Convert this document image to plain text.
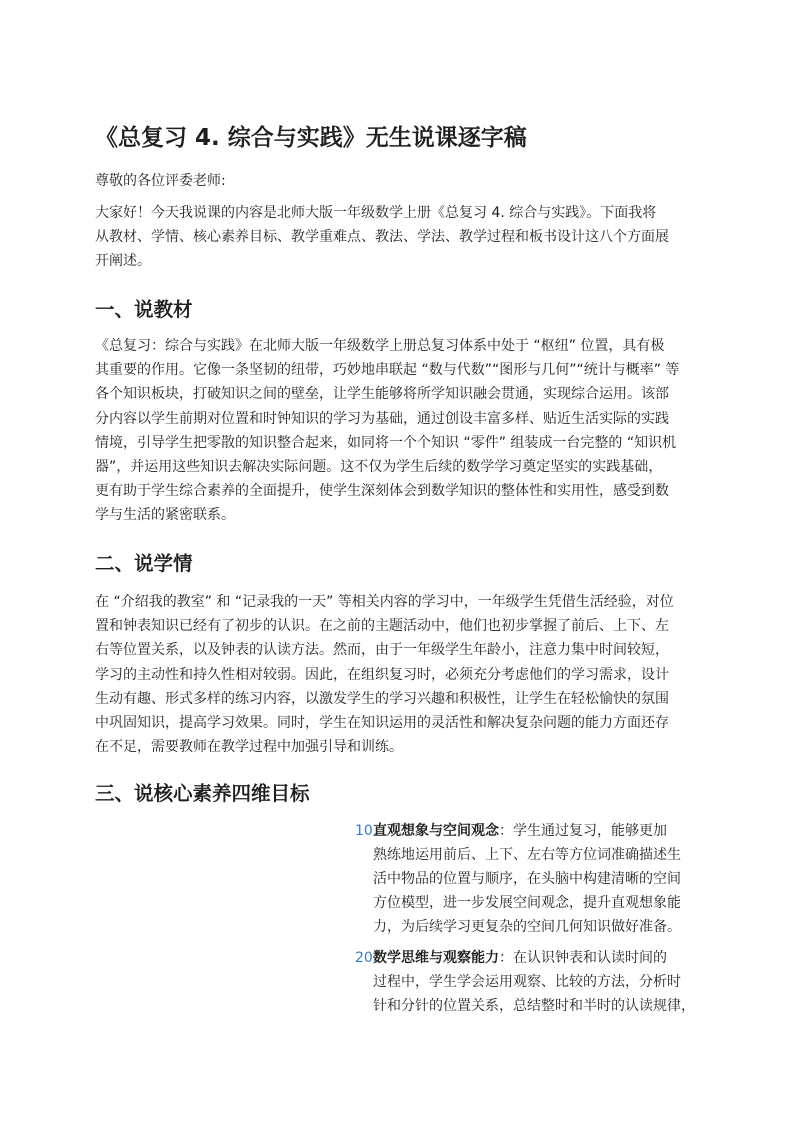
《总复习 4. 综合与实践》无生说课逐字稿

尊敬的各位评委老师:

大家好！今天我说课的内容是北师大版一年级数学上册《总复习 4. 综合与实践》。下面我将
从教材、学情、核心素养目标、教学重难点、教法、学法、教学过程和板书设计这八个方面展
开阐述。

一、说教材

《总复习：综合与实践》在北师大版一年级数学上册总复习体系中处于 “枢纽” 位置，具有极
其重要的作用。它像一条坚韧的纽带，巧妙地串联起 “数与代数”“图形与几何”“统计与概率” 等
各个知识板块，打破知识之间的壁垒，让学生能够将所学知识融会贯通，实现综合运用。该部
分内容以学生前期对位置和时钟知识的学习为基础，通过创设丰富多样、贴近生活实际的实践
情境，引导学生把零散的知识整合起来，如同将一个个知识 “零件” 组装成一台完整的 “知识机
器”，并运用这些知识去解决实际问题。这不仅为学生后续的数学学习奠定坚实的实践基础，
更有助于学生综合素养的全面提升，使学生深刻体会到数学知识的整体性和实用性，感受到数
学与生活的紧密联系。

二、说学情

在 “介绍我的教室” 和 “记录我的一天” 等相关内容的学习中，一年级学生凭借生活经验，对位
置和钟表知识已经有了初步的认识。在之前的主题活动中，他们也初步掌握了前后、上下、左
右等位置关系，以及钟表的认读方法。然而，由于一年级学生年龄小，注意力集中时间较短，
学习的主动性和持久性相对较弱。因此，在组织复习时，必须充分考虑他们的学习需求，设计
生动有趣、形式多样的练习内容，以激发学生的学习兴趣和积极性，让学生在轻松愉快的氛围
中巩固知识，提高学习效果。同时，学生在知识运用的灵活性和解决复杂问题的能力方面还存
在不足，需要教师在教学过程中加强引导和训练。

三、说核心素养四维目标
10.
直观想象与空间观念：学生通过复习，能够更加
熟练地运用前后、上下、左右等方位词准确描述生
活中物品的位置与顺序，在头脑中构建清晰的空间
方位模型，进一步发展空间观念，提升直观想象能
力，为后续学习更复杂的空间几何知识做好准备。
20.
数学思维与观察能力：在认识钟表和认读时间的
过程中，学生学会运用观察、比较的方法，分析时
针和分针的位置关系，总结整时和半时的认读规律，
